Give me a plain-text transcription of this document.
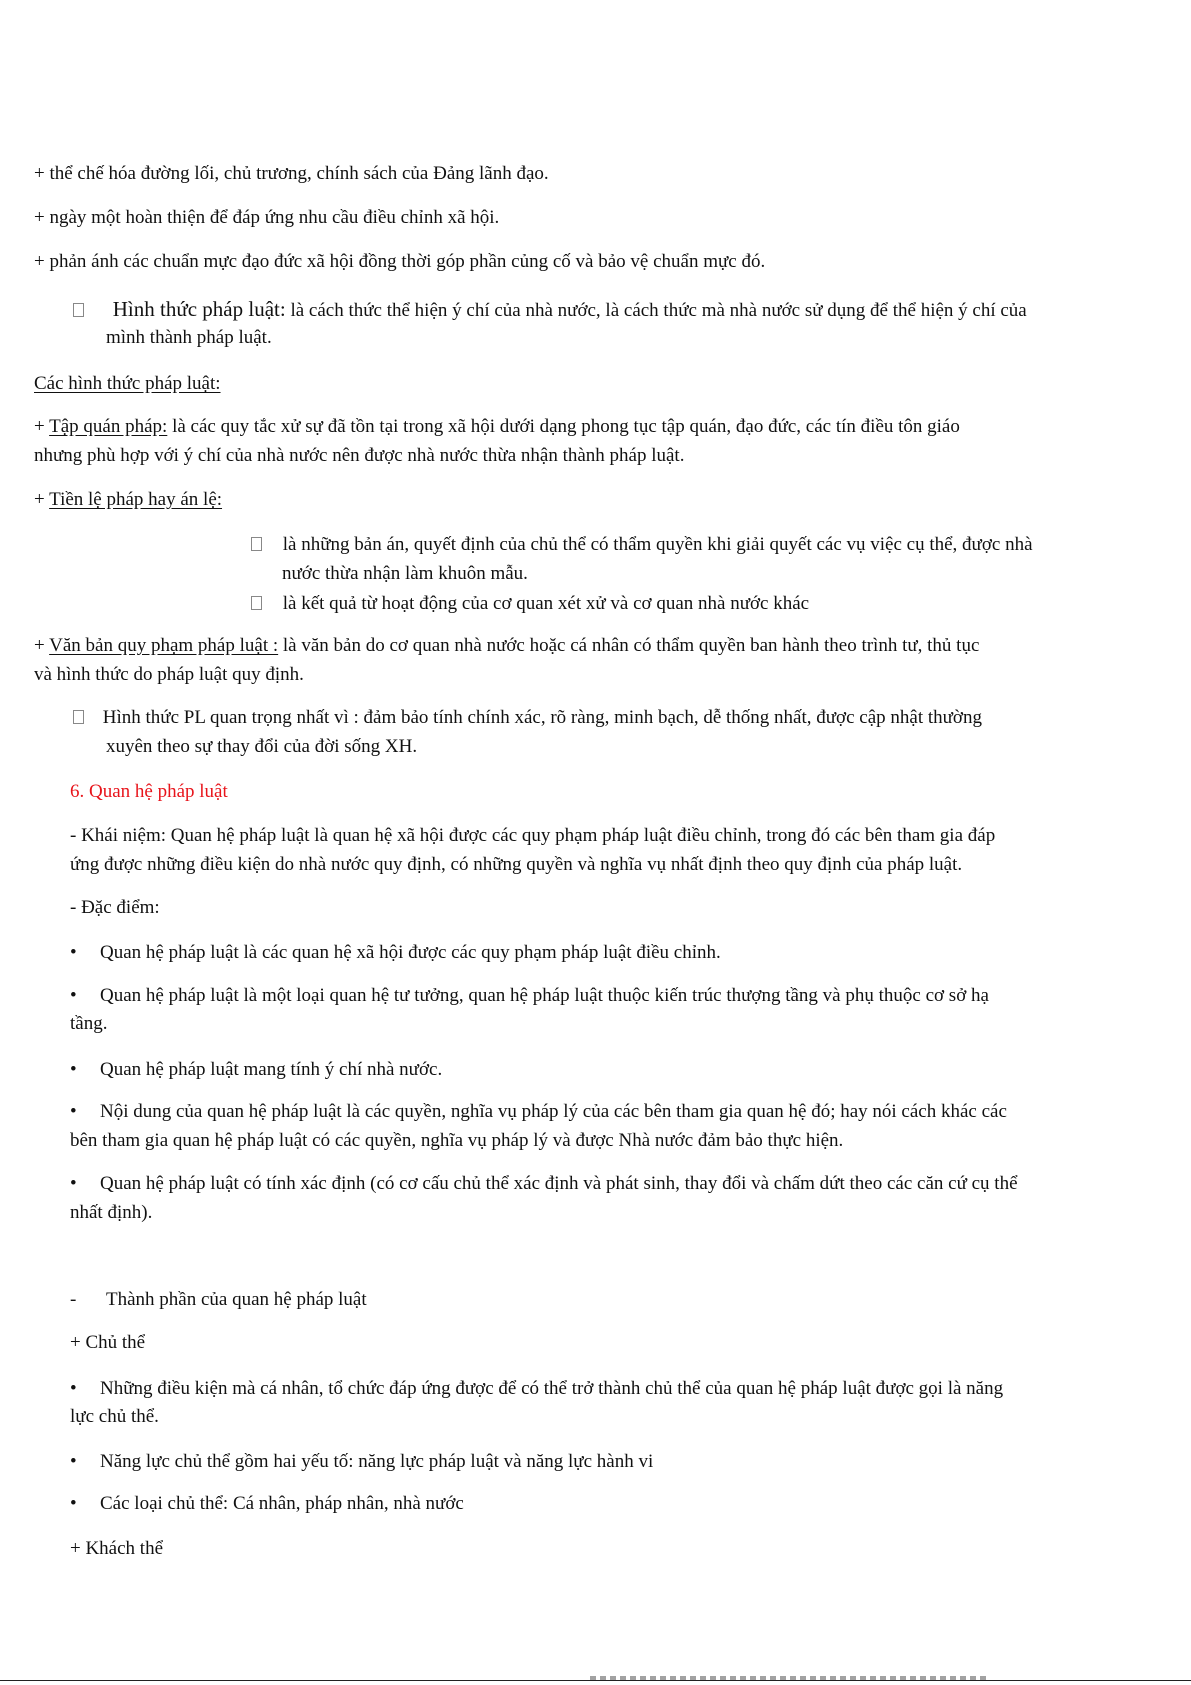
+ thể chế hóa đường lối, chủ trương, chính sách của Đảng lãnh đạo.
+ ngày một hoàn thiện để đáp ứng nhu cầu điều chỉnh xã hội.
+ phản ánh các chuẩn mực đạo đức xã hội đồng thời góp phần củng cố và bảo vệ chuẩn mực đó.
Hình thức pháp luật: là cách thức thể hiện ý chí của nhà nước, là cách thức mà nhà nước sử dụng để thể hiện ý chí của
mình thành pháp luật.
Các hình thức pháp luật:
+ Tập quán pháp: là các quy tắc xử sự đã tồn tại trong xã hội dưới dạng phong tục tập quán, đạo đức, các tín điều tôn giáo
nhưng phù hợp với ý chí của nhà nước nên được nhà nước thừa nhận thành pháp luật.
+ Tiền lệ pháp hay án lệ:
là những bản án, quyết định của chủ thể có thẩm quyền khi giải quyết các vụ việc cụ thể, được nhà
nước thừa nhận làm khuôn mẫu.
là kết quả từ hoạt động của cơ quan xét xử và cơ quan nhà nước khác
+ Văn bản quy phạm pháp luật : là văn bản do cơ quan nhà nước hoặc cá nhân có thẩm quyền ban hành theo trình tư, thủ tục
và hình thức do pháp luật quy định.
Hình thức PL quan trọng nhất vì : đảm bảo tính chính xác, rõ ràng, minh bạch, dễ thống nhất, được cập nhật thường
xuyên theo sự thay đổi của đời sống XH.
6. Quan hệ pháp luật
- Khái niệm: Quan hệ pháp luật là quan hệ xã hội được các quy phạm pháp luật điều chỉnh, trong đó các bên tham gia đáp
ứng được những điều kiện do nhà nước quy định, có những quyền và nghĩa vụ nhất định theo quy định của pháp luật.
- Đặc điểm:
• Quan hệ pháp luật là các quan hệ xã hội được các quy phạm pháp luật điều chỉnh.
• Quan hệ pháp luật là một loại quan hệ tư tưởng, quan hệ pháp luật thuộc kiến trúc thượng tầng và phụ thuộc cơ sở hạ
tầng.
• Quan hệ pháp luật mang tính ý chí nhà nước.
• Nội dung của quan hệ pháp luật là các quyền, nghĩa vụ pháp lý của các bên tham gia quan hệ đó; hay nói cách khác các
bên tham gia quan hệ pháp luật có các quyền, nghĩa vụ pháp lý và được Nhà nước đảm bảo thực hiện.
• Quan hệ pháp luật có tính xác định (có cơ cấu chủ thể xác định và phát sinh, thay đổi và chấm dứt theo các căn cứ cụ thể
nhất định).
- Thành phần của quan hệ pháp luật
+ Chủ thể
• Những điều kiện mà cá nhân, tổ chức đáp ứng được để có thể trở thành chủ thể của quan hệ pháp luật được gọi là năng
lực chủ thể.
• Năng lực chủ thể gồm hai yếu tố: năng lực pháp luật và năng lực hành vi
• Các loại chủ thể: Cá nhân, pháp nhân, nhà nước
+ Khách thể
